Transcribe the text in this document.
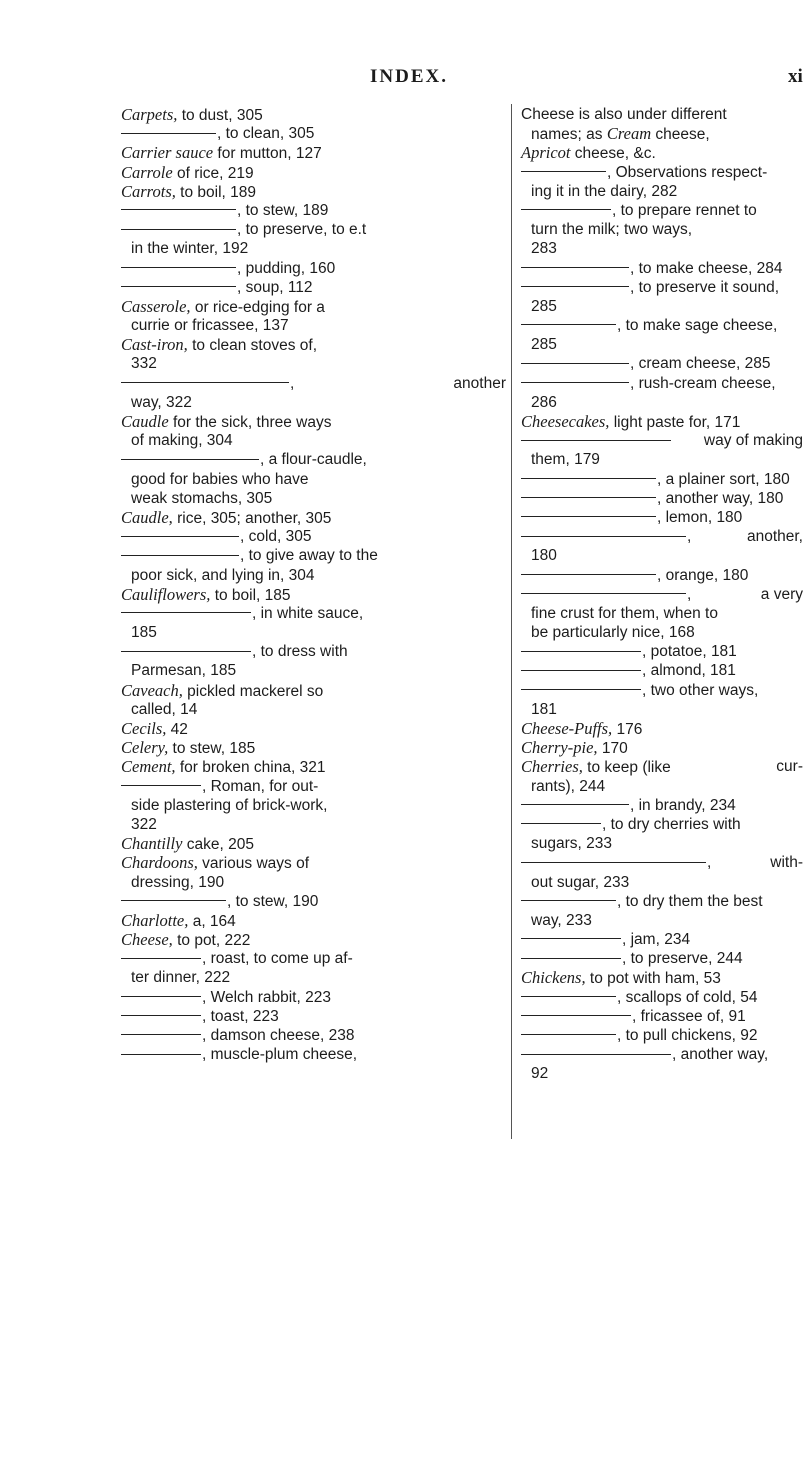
INDEX.	xi
Carpets, to dust, 305
, to clean, 305
Carrier sauce for mutton, 127
Carrole of rice, 219
Carrots, to boil, 189
, to stew, 189
, to preserve, to e.t
in the winter, 192
, pudding, 160
, soup, 112
Casserole, or rice-edging for a
currie or fricassee, 137
Cast-iron, to clean stoves of,
332
,	another
way, 322
Caudle for the sick, three ways
of making, 304
, a flour-caudle,
good for babies who have
weak stomachs, 305
Caudle, rice, 305; another, 305
, cold, 305
, to give away to the
poor sick, and lying in, 304
Cauliflowers, to boil, 185
, in white sauce,
185
, to dress with
Parmesan, 185
Caveach, pickled mackerel so
called, 14
Cecils, 42
Celery, to stew, 185
Cement, for broken china, 321
, Roman, for out-
side plastering of brick-work,
322
Chantilly cake, 205
Chardoons, various ways of
dressing, 190
, to stew, 190
Charlotte, a, 164
Cheese, to pot, 222
, roast, to come up af-
ter dinner, 222
, Welch rabbit, 223
, toast, 223
, damson cheese, 238
, muscle-plum cheese,
Cheese is also under different
names; as Cream cheese,
Apricot cheese, &c.
, Observations respect-
ing it in the dairy, 282
, to prepare rennet to
turn the milk; two ways,
283
, to make cheese, 284
, to preserve it sound,
285
, to make sage cheese,
285
, cream cheese, 285
, rush-cream cheese,
286
Cheesecakes, light paste for, 171
way of making
them, 179
, a plainer sort, 180
, another way, 180
, lemon, 180
,	another,
180
, orange, 180
,	a very
fine crust for them, when to
be particularly nice, 168
, potatoe, 181
, almond, 181
, two other ways,
181
Cheese-Puffs, 176
Cherry-pie, 170
Cherries, to keep (like	cur-
rants), 244
, in brandy, 234
, to dry cherries with
sugars, 233
,	with-
out sugar, 233
, to dry them the best
way, 233
, jam, 234
, to preserve, 244
Chickens, to pot with ham, 53
, scallops of cold, 54
, fricassee of, 91
, to pull chickens, 92
, another way,
92
